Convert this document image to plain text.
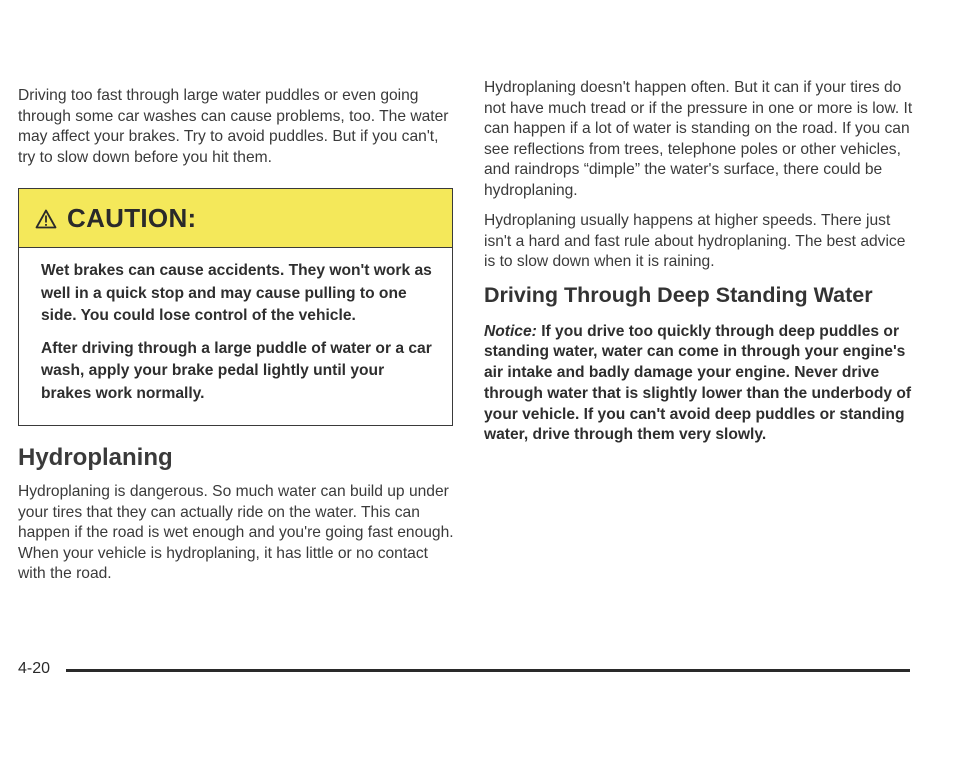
Driving too fast through large water puddles or even going through some car washes can cause problems, too. The water may affect your brakes. Try to avoid puddles. But if you can't, try to slow down before you hit them.

CAUTION:

Wet brakes can cause accidents. They won't work as well in a quick stop and may cause pulling to one side. You could lose control of the vehicle.

After driving through a large puddle of water or a car wash, apply your brake pedal lightly until your brakes work normally.

Hydroplaning

Hydroplaning is dangerous. So much water can build up under your tires that they can actually ride on the water. This can happen if the road is wet enough and you're going fast enough. When your vehicle is hydroplaning, it has little or no contact with the road.

Hydroplaning doesn't happen often. But it can if your tires do not have much tread or if the pressure in one or more is low. It can happen if a lot of water is standing on the road. If you can see reflections from trees, telephone poles or other vehicles, and raindrops “dimple” the water's surface, there could be hydroplaning.

Hydroplaning usually happens at higher speeds. There just isn't a hard and fast rule about hydroplaning. The best advice is to slow down when it is raining.

Driving Through Deep Standing Water

Notice: If you drive too quickly through deep puddles or standing water, water can come in through your engine's air intake and badly damage your engine. Never drive through water that is slightly lower than the underbody of your vehicle. If you can't avoid deep puddles or standing water, drive through them very slowly.

4-20
